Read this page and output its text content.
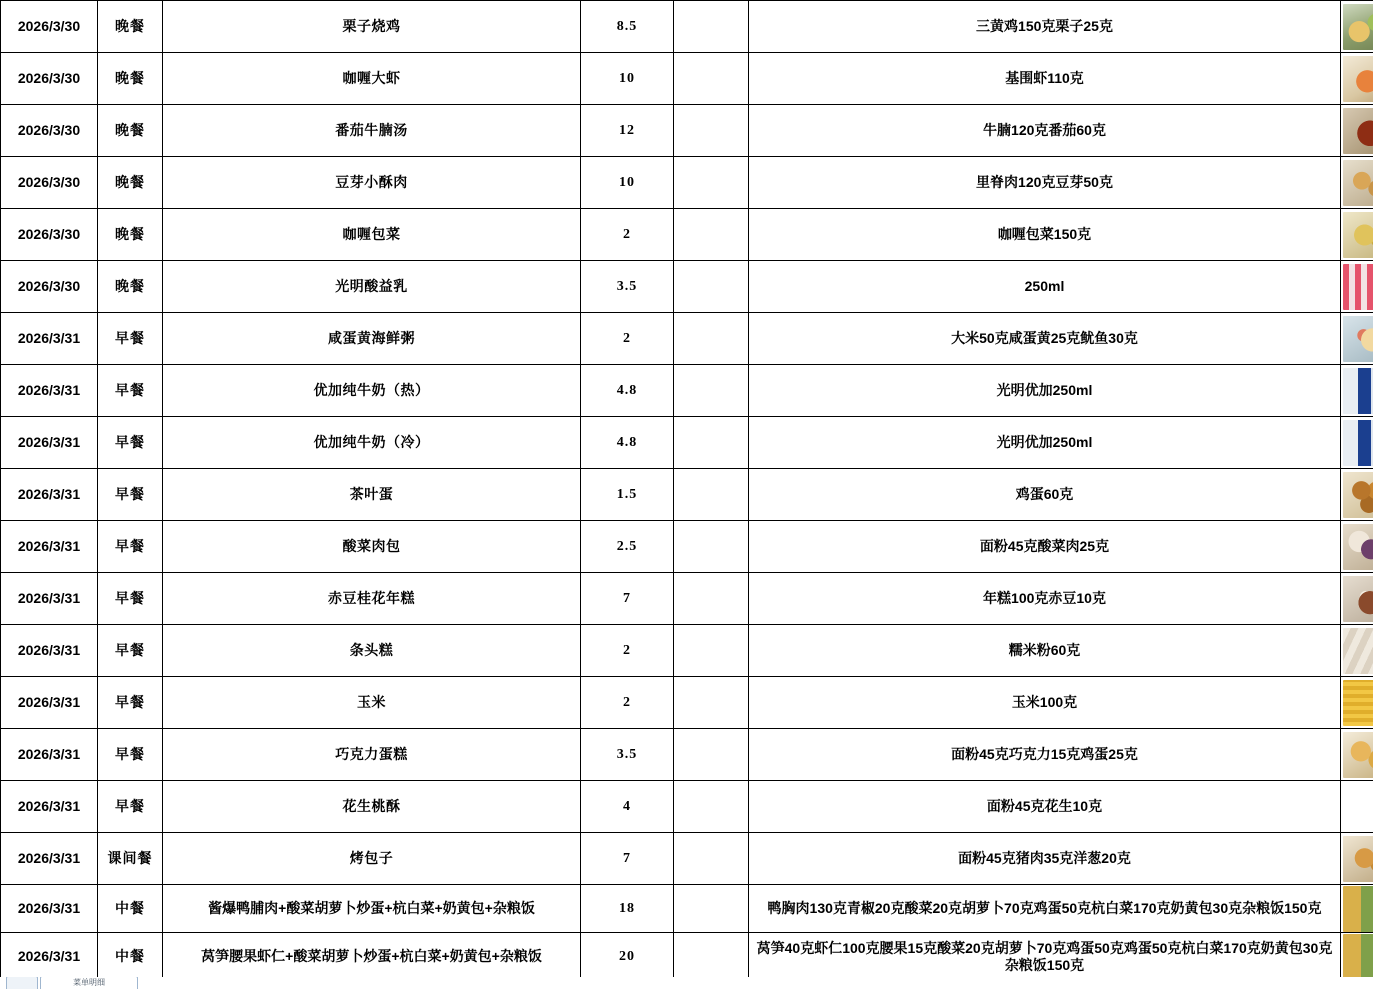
2026/3/30	晚餐	栗子烧鸡	8.5		三黄鸡150克栗子25克	

2026/3/30	晚餐	咖喱大虾	10		基围虾110克	

2026/3/30	晚餐	番茄牛腩汤	12		牛腩120克番茄60克	

2026/3/30	晚餐	豆芽小酥肉	10		里脊肉120克豆芽50克	

2026/3/30	晚餐	咖喱包菜	2		咖喱包菜150克	

2026/3/30	晚餐	光明酸益乳	3.5		250ml	

2026/3/31	早餐	咸蛋黄海鲜粥	2		大米50克咸蛋黄25克鱿鱼30克	

2026/3/31	早餐	优加纯牛奶（热）	4.8		光明优加250ml	

2026/3/31	早餐	优加纯牛奶（冷）	4.8		光明优加250ml	

2026/3/31	早餐	茶叶蛋	1.5		鸡蛋60克	

2026/3/31	早餐	酸菜肉包	2.5		面粉45克酸菜肉25克	

2026/3/31	早餐	赤豆桂花年糕	7		年糕100克赤豆10克	

2026/3/31	早餐	条头糕	2		糯米粉60克	

2026/3/31	早餐	玉米	2		玉米100克	

2026/3/31	早餐	巧克力蛋糕	3.5		面粉45克巧克力15克鸡蛋25克	

2026/3/31	早餐	花生桃酥	4		面粉45克花生10克	

2026/3/31	课间餐	烤包子	7		面粉45克猪肉35克洋葱20克	

2026/3/31	中餐	酱爆鸭脯肉+酸菜胡萝卜炒蛋+杭白菜+奶黄包+杂粮饭	18		鸭胸肉130克青椒20克酸菜20克胡萝卜70克鸡蛋50克杭白菜170克奶黄包30克杂粮饭150克	

2026/3/31	中餐	莴笋腰果虾仁+酸菜胡萝卜炒蛋+杭白菜+奶黄包+杂粮饭	20		莴笋40克虾仁100克腰果15克酸菜20克胡萝卜70克鸡蛋50克鸡蛋50克杭白菜170克奶黄包30克杂粮饭150克	
菜单明细
